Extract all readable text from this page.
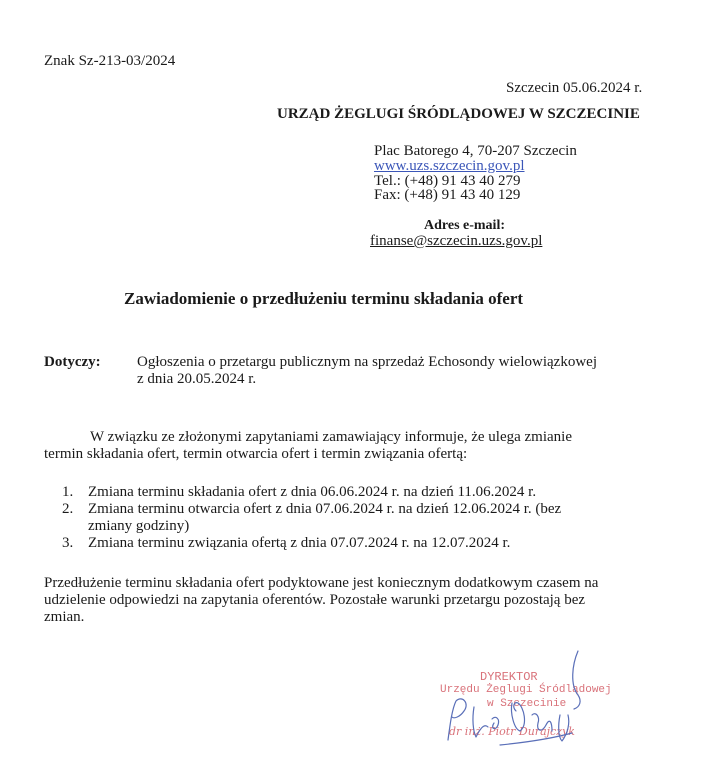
Znak Sz-213-03/2024
Szczecin 05.06.2024 r.
URZĄD ŻEGLUGI ŚRÓDLĄDOWEJ W SZCZECINIE
Plac Batorego 4, 70-207 Szczecin
www.uzs.szczecin.gov.pl
Tel.: (+48) 91 43 40 279
Fax: (+48) 91 43 40 129
Adres e-mail:
finanse@szczecin.uzs.gov.pl
Zawiadomienie o przedłużeniu terminu składania ofert
Dotyczy: Ogłoszenia o przetargu publicznym na sprzedaż Echosondy wielowiązkowej
z dnia 20.05.2024 r.
W związku ze złożonymi zapytaniami zamawiający informuje, że ulega zmianie
termin składania ofert, termin otwarcia ofert i termin związania ofertą:
1. Zmiana terminu składania ofert z dnia 06.06.2024 r. na dzień 11.06.2024 r.
2. Zmiana terminu otwarcia ofert z dnia 07.06.2024 r. na dzień 12.06.2024 r. (bez
zmiany godziny)
3. Zmiana terminu związania ofertą z dnia 07.07.2024 r. na 12.07.2024 r.
Przedłużenie terminu składania ofert podyktowane jest koniecznym dodatkowym czasem na
udzielenie odpowiedzi na zapytania oferentów. Pozostałe warunki przetargu pozostają bez
zmian.
DYREKTOR
Urzędu Żeglugi Śródlądowej
w Szczecinie
dr inż. Piotr Durajczyk
